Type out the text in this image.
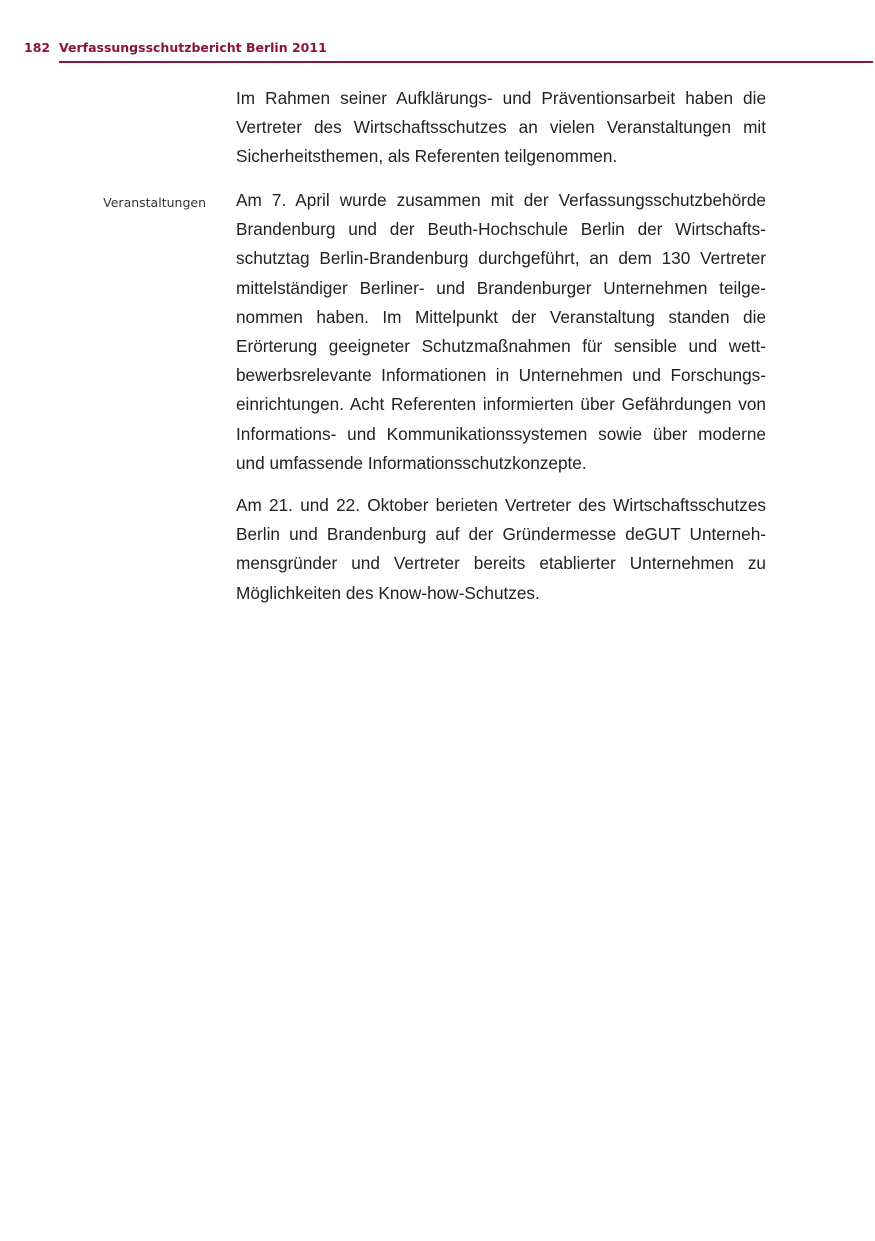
182 Verfassungsschutzbericht Berlin 2011
Veranstaltungen

Im Rahmen seiner Aufklärungs- und Präventionsarbeit haben die Vertreter des Wirtschaftsschutzes an vielen Veranstaltungen mit Sicherheitsthemen, als Referenten teilgenommen.

Am 7. April wurde zusammen mit der Verfassungsschutzbehörde Brandenburg und der Beuth-Hochschule Berlin der Wirtschaftsschutztag Berlin-Brandenburg durchgeführt, an dem 130 Vertreter mittelständiger Berliner- und Brandenburger Unternehmen teilgenommen haben. Im Mittelpunkt der Veranstaltung standen die Erörterung geeigneter Schutzmaßnahmen für sensible und wettbewerbsrelevante Informationen in Unternehmen und Forschungseinrichtungen. Acht Referenten informierten über Gefährdungen von Informations- und Kommunikationssystemen sowie über moderne und umfassende Informationsschutzkonzepte.

Am 21. und 22. Oktober berieten Vertreter des Wirtschaftsschutzes Berlin und Brandenburg auf der Gründermesse deGUT Unternehmensgründer und Vertreter bereits etablierter Unternehmen zu Möglichkeiten des Know-how-Schutzes.
